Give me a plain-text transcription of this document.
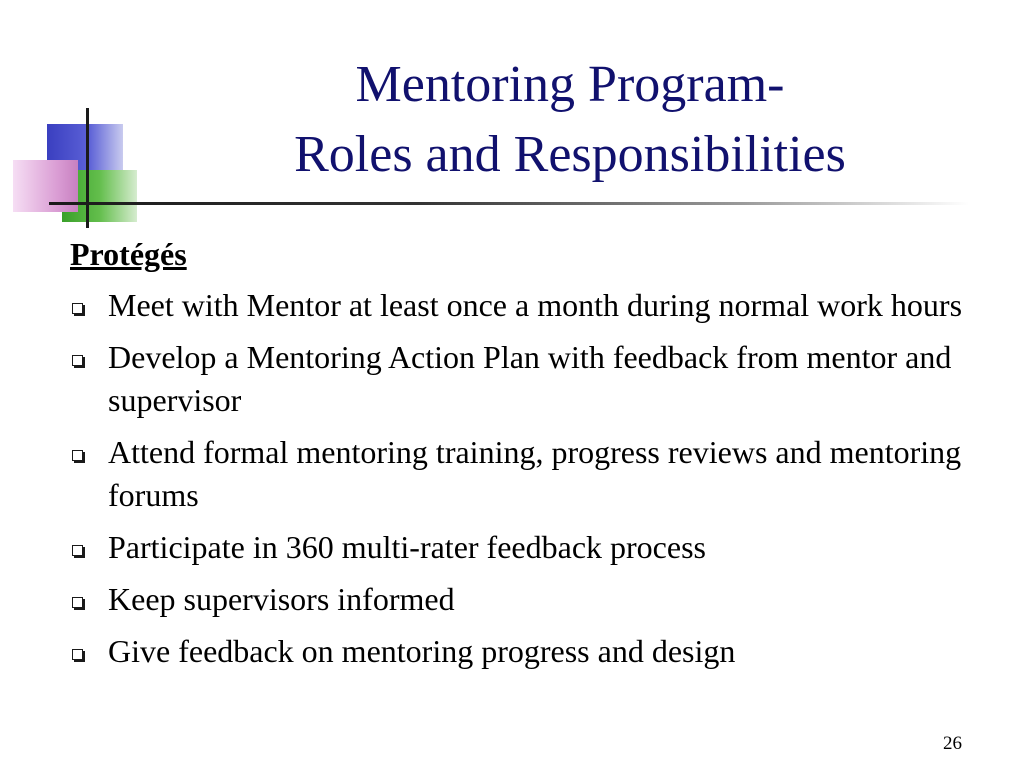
Mentoring Program-
Roles and Responsibilities
Protégés
Meet with Mentor at least once a month during normal work hours
Develop a Mentoring Action Plan with feedback from mentor and supervisor
Attend formal mentoring training, progress reviews and mentoring forums
Participate in 360 multi-rater feedback process
Keep supervisors informed
Give feedback on mentoring progress and design
26
